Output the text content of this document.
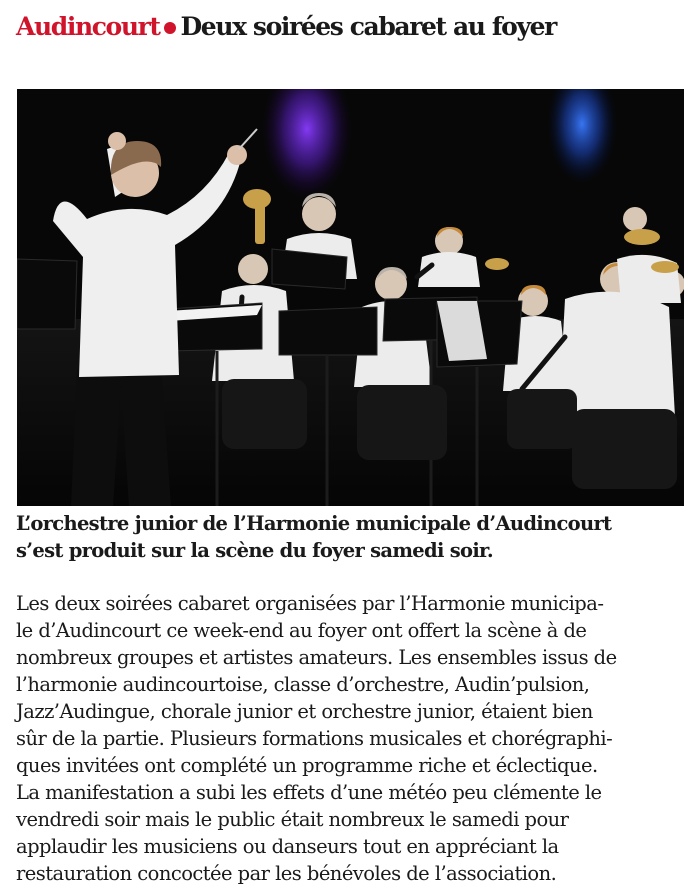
Audincourt Deux soirées cabaret au foyer

L’orchestre junior de l’Harmonie municipale d’Audincourt
s’est produit sur la scène du foyer samedi soir.

Les deux soirées cabaret organisées par l’Harmonie municipa-
le d’Audincourt ce week-end au foyer ont offert la scène à de
nombreux groupes et artistes amateurs. Les ensembles issus de
l’harmonie audincourtoise, classe d’orchestre, Audin’pulsion,
Jazz’Audingue, chorale junior et orchestre junior, étaient bien
sûr de la partie. Plusieurs formations musicales et chorégraphi-
ques invitées ont complété un programme riche et éclectique.
La manifestation a subi les effets d’une météo peu clémente le
vendredi soir mais le public était nombreux le samedi pour
applaudir les musiciens ou danseurs tout en appréciant la
restauration concoctée par les bénévoles de l’association.
